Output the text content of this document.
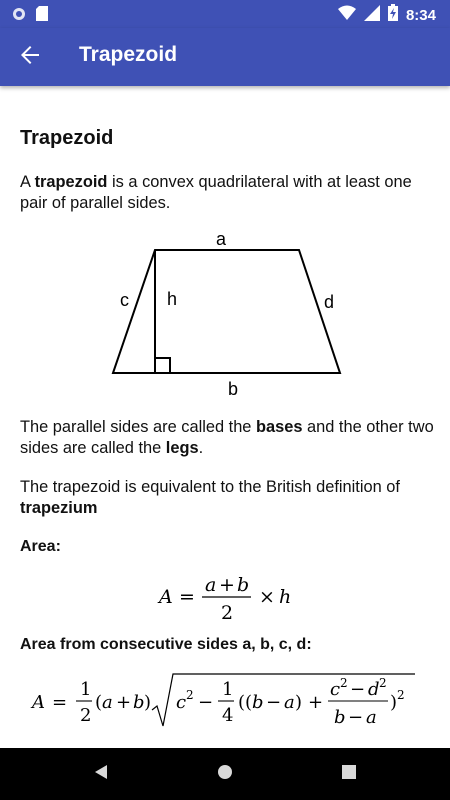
8:34
Trapezoid
Trapezoid
A trapezoid is a convex quadrilateral with at least one pair of parallel sides.
a
b
c	d
h
The parallel sides are called the bases and the other two sides are called the legs.
The trapezoid is equivalent to the British definition of trapezium
Area:
A =
a + b
2
× h
Area from consecutive sides a, b, c, d:
A =
1
2
( a + b ) c 2 −
1
4
(( b − a ) +
c 2 − d 2
b − a
) 2
